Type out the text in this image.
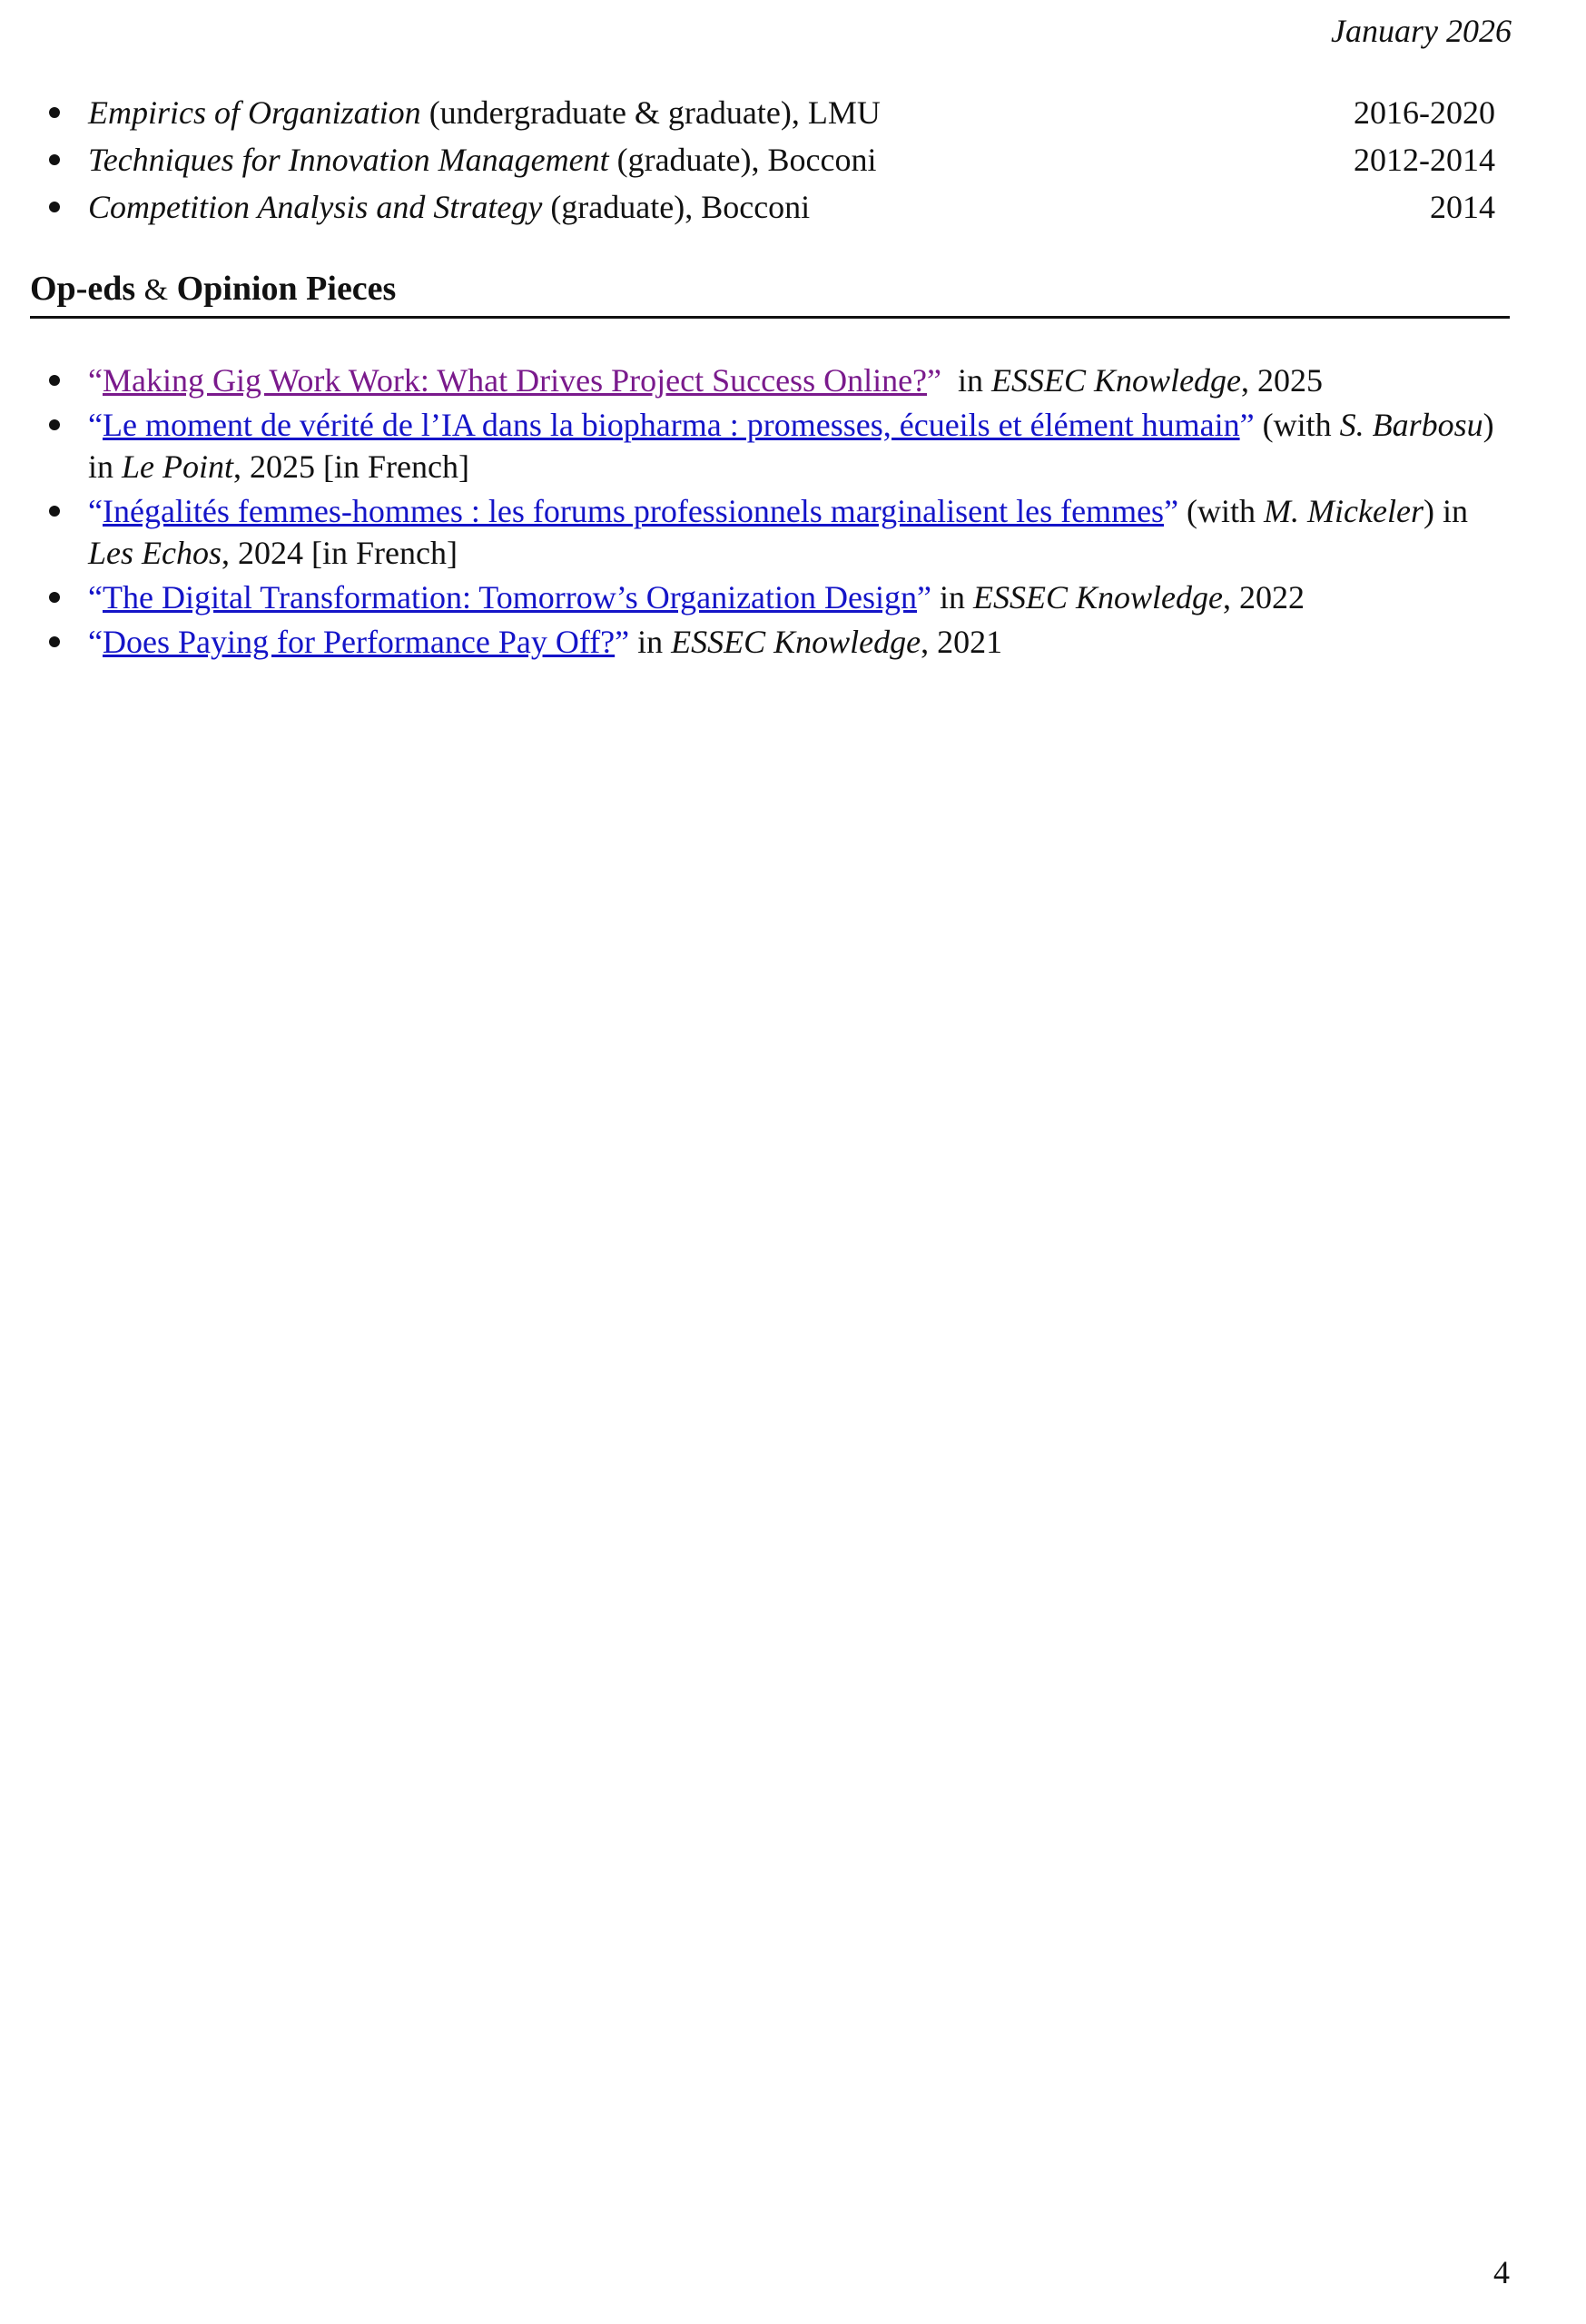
January 2026
Empirics of Organization (undergraduate & graduate), LMU	2016-2020
Techniques for Innovation Management (graduate), Bocconi	2012-2014
Competition Analysis and Strategy (graduate), Bocconi	2014
Op-eds & Opinion Pieces
“Making Gig Work Work: What Drives Project Success Online?”  in ESSEC Knowledge, 2025
“Le moment de vérité de l’IA dans la biopharma : promesses, écueils et élément humain” (with S. Barbosu) in Le Point, 2025 [in French]
“Inégalités femmes-hommes : les forums professionnels marginalisent les femmes” (with M. Mickeler) in Les Echos, 2024 [in French]
“The Digital Transformation: Tomorrow’s Organization Design” in ESSEC Knowledge, 2022
“Does Paying for Performance Pay Off?” in ESSEC Knowledge, 2021
4
